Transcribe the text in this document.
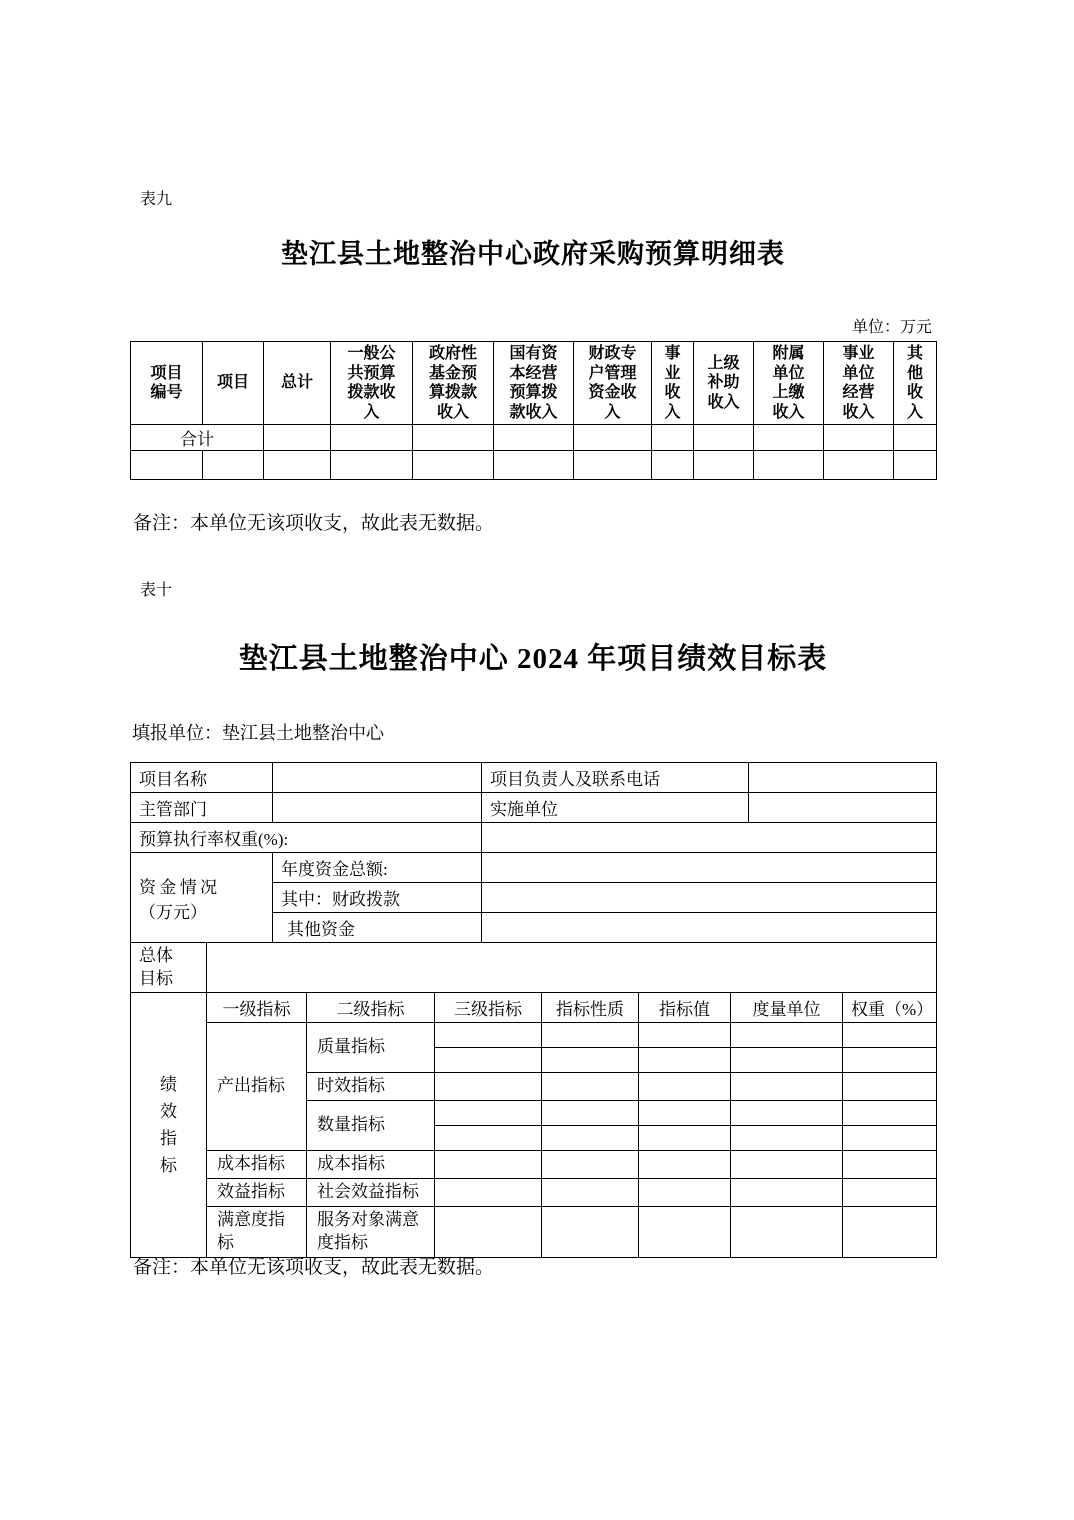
表九
垫江县土地整治中心政府采购预算明细表
单位：万元
项目编号	项目	总计	一般公共预算拨款收入	政府性基金预算拨款收入	国有资本经营预算拨款收入	财政专户管理资金收入	事业收入	上级补助收入	附属单位上缴收入	事业单位经营收入	其他收入
合计											

备注：本单位无该项收支，故此表无数据。
表十
垫江县土地整治中心 2024 年项目绩效目标表
填报单位：垫江县土地整治中心
项目名称		项目负责人及联系电话	
主管部门		实施单位	
预算执行率权重(%):			
资金情况（万元）	年度资金总额:		
	其中：财政拨款		
	其他资金		
总体目标	
绩效指标	一级指标	二级指标	三级指标	指标性质	指标值	度量单位	权重（%）
	产出指标	质量指标					

		时效指标					
		数量指标					

	成本指标	成本指标					
	效益指标	社会效益指标					
	满意度指标	服务对象满意度指标					
备注：本单位无该项收支，故此表无数据。
